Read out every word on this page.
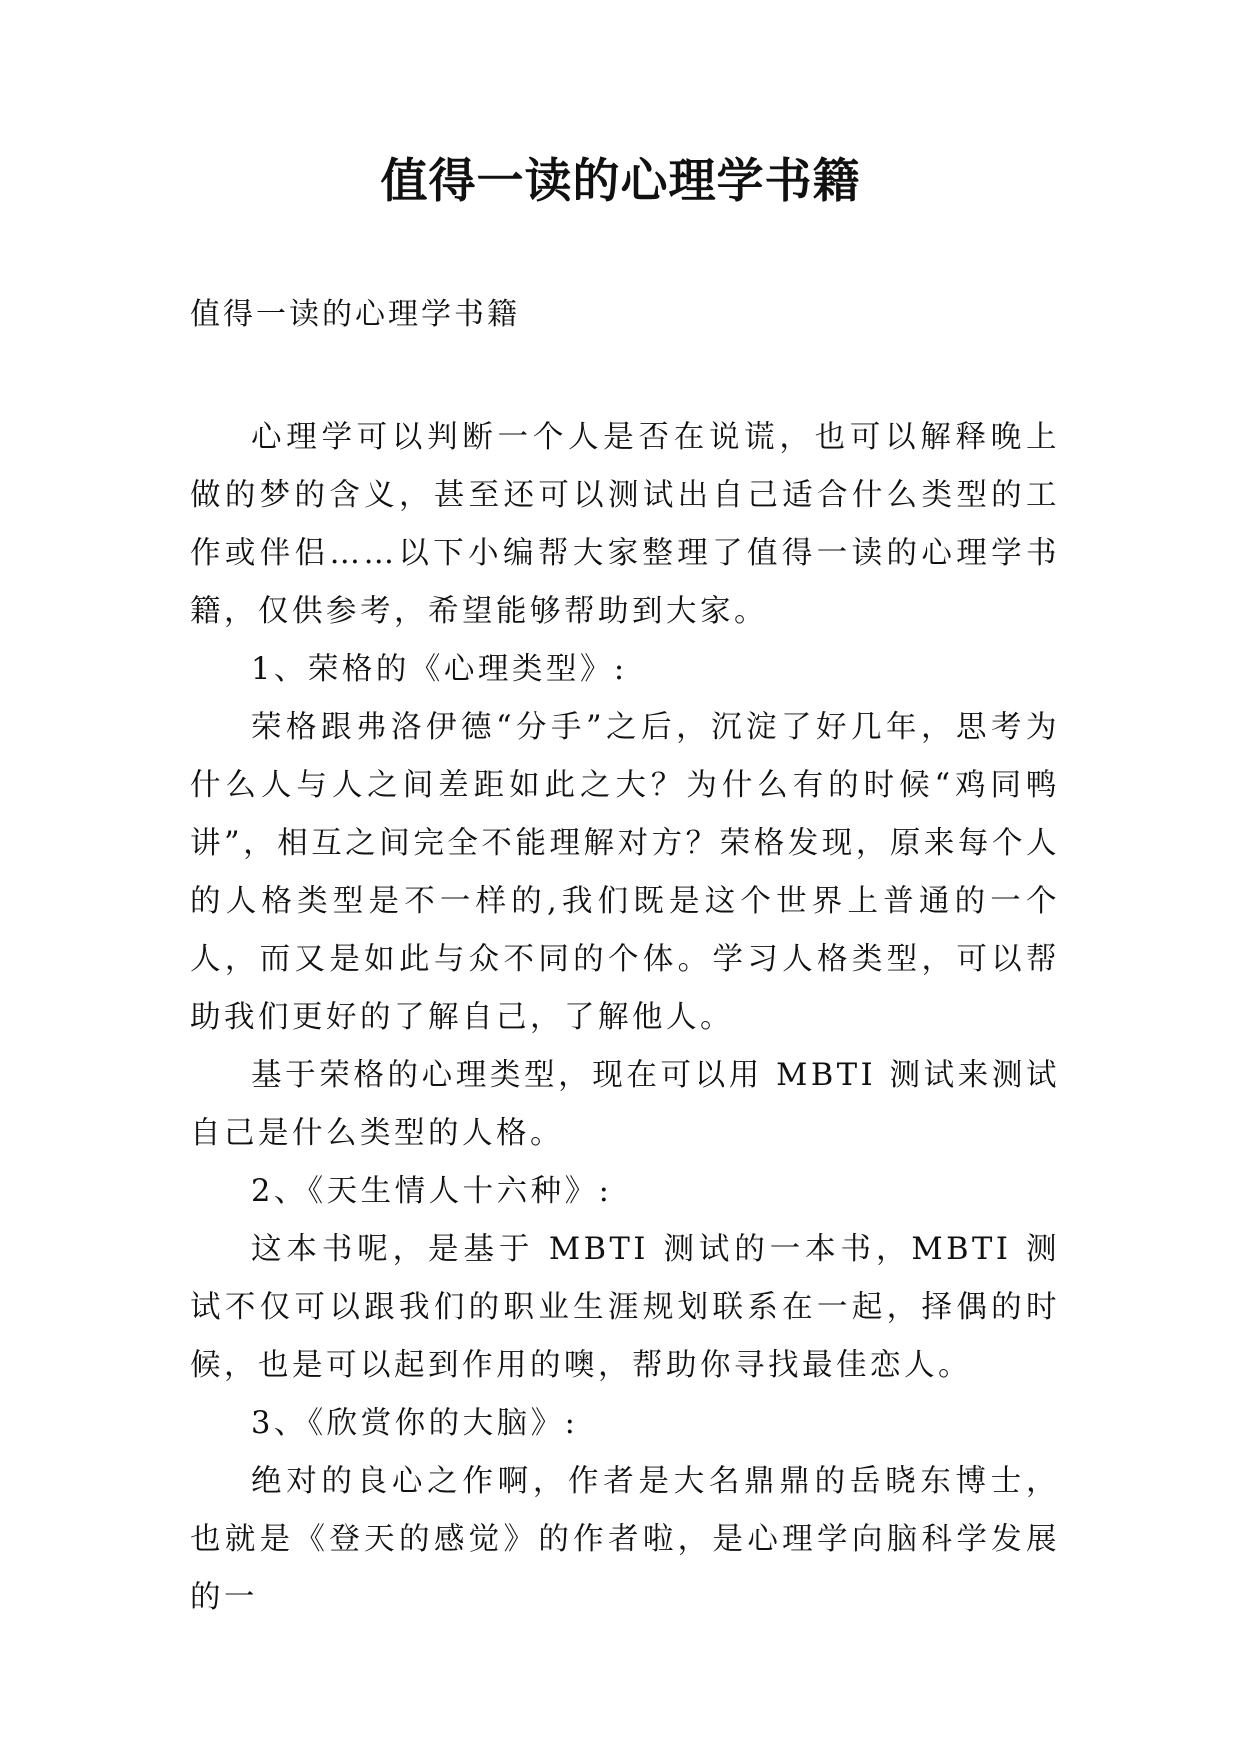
值得一读的心理学书籍

值得一读的心理学书籍

心理学可以判断一个人是否在说谎，也可以解释晚上做的梦的含义，甚至还可以测试出自己适合什么类型的工作或伴侣……以下小编帮大家整理了值得一读的心理学书籍，仅供参考，希望能够帮助到大家。

1、荣格的《心理类型》:

荣格跟弗洛伊德“分手”之后，沉淀了好几年，思考为什么人与人之间差距如此之大？为什么有的时候“鸡同鸭讲”，相互之间完全不能理解对方？荣格发现，原来每个人的人格类型是不一样的,我们既是这个世界上普通的一个人，而又是如此与众不同的个体。学习人格类型，可以帮助我们更好的了解自己，了解他人。

基于荣格的心理类型，现在可以用 MBTI 测试来测试自己是什么类型的人格。

2、《天生情人十六种》:

这本书呢，是基于 MBTI 测试的一本书，MBTI 测试不仅可以跟我们的职业生涯规划联系在一起，择偶的时候，也是可以起到作用的噢，帮助你寻找最佳恋人。

3、《欣赏你的大脑》:

绝对的良心之作啊，作者是大名鼎鼎的岳晓东博士，也就是《登天的感觉》的作者啦，是心理学向脑科学发展的一
